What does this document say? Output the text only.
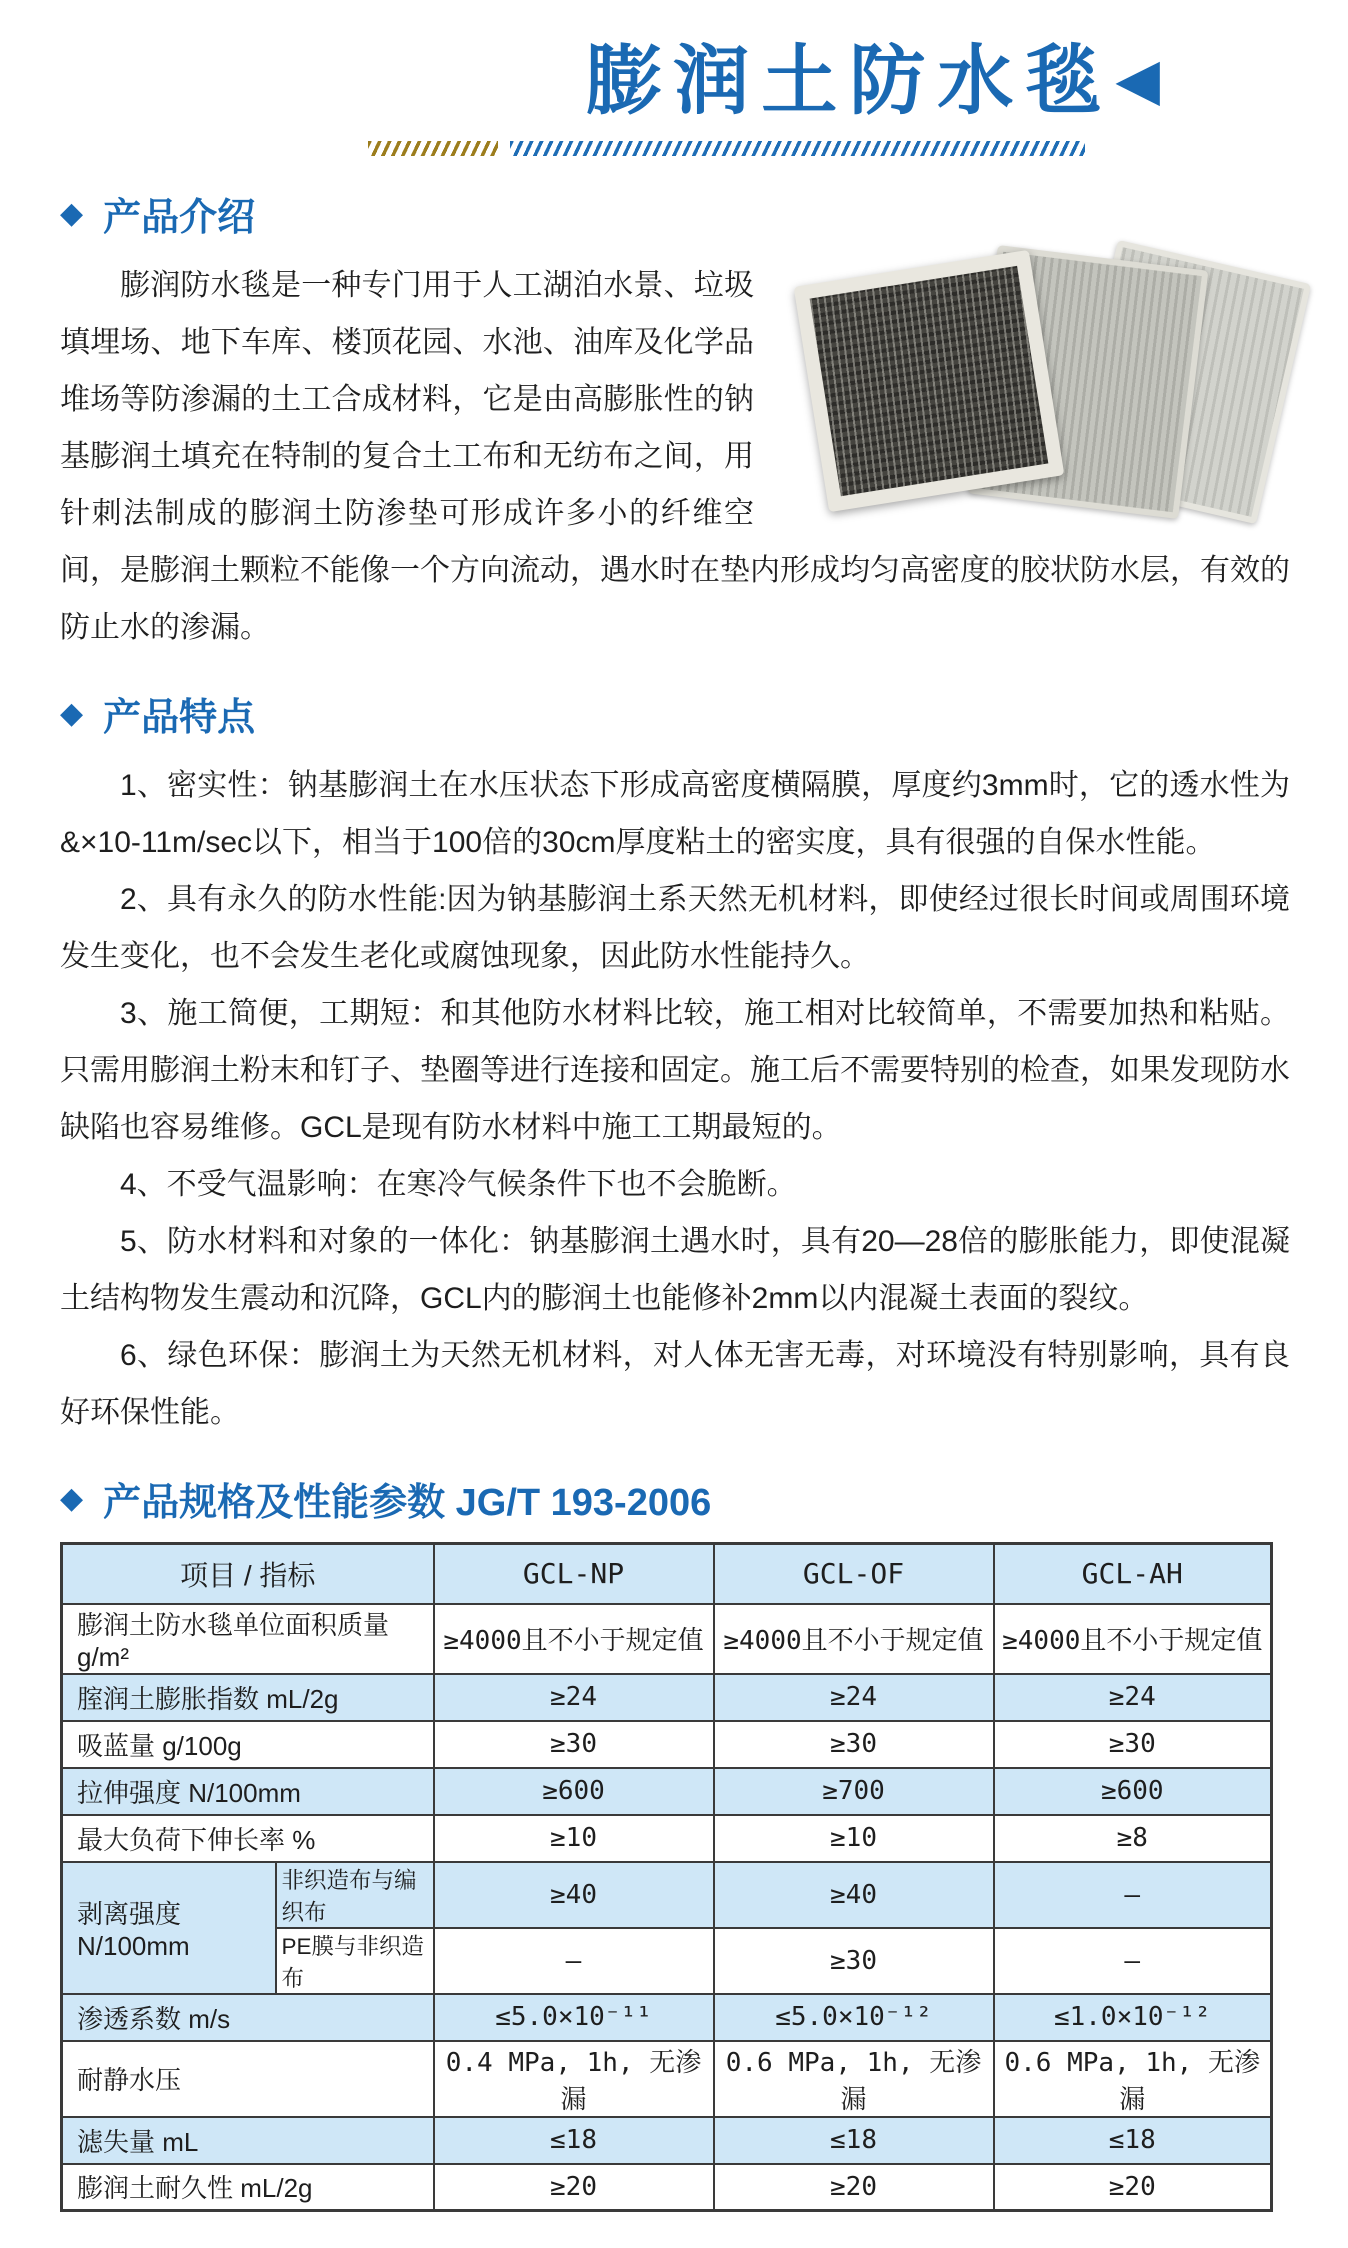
膨润土防水毯◀
◆ 产品介绍

膨润防水毯是一种专门用于人工湖泊水景、垃圾填埋场、地下车库、楼顶花园、水池、油库及化学品堆场等防渗漏的土工合成材料，它是由高膨胀性的钠基膨润土填充在特制的复合土工布和无纺布之间，用针刺法制成的膨润土防渗垫可形成许多小的纤维空间，是膨润土颗粒不能像一个方向流动，遇水时在垫内形成均匀高密度的胶状防水层，有效的防止水的渗漏。

◆ 产品特点

1、密实性：钠基膨润土在水压状态下形成高密度横隔膜，厚度约3mm时，它的透水性为&×10-11m/sec以下，相当于100倍的30cm厚度粘土的密实度，具有很强的自保水性能。

2、具有永久的防水性能:因为钠基膨润土系天然无机材料，即使经过很长时间或周围环境发生变化，也不会发生老化或腐蚀现象，因此防水性能持久。

3、施工简便，工期短：和其他防水材料比较，施工相对比较简单，不需要加热和粘贴。只需用膨润土粉末和钉子、垫圈等进行连接和固定。施工后不需要特别的检查，如果发现防水缺陷也容易维修。GCL是现有防水材料中施工工期最短的。

4、不受气温影响：在寒冷气候条件下也不会脆断。

5、防水材料和对象的一体化：钠基膨润土遇水时，具有20—28倍的膨胀能力，即使混凝土结构物发生震动和沉降，GCL内的膨润土也能修补2mm以内混凝土表面的裂纹。

6、绿色环保：膨润土为天然无机材料，对人体无害无毒，对环境没有特别影响，具有良好环保性能。

◆ 产品规格及性能参数 JG/T 193-2006
项目 / 指标		GCL-NP	GCL-OF	GCL-AH
膨润土防水毯单位面积质量 g/m²		≥4000且不小于规定值	≥4000且不小于规定值	≥4000且不小于规定值
腟润土膨胀指数 mL/2g		≥24	≥24	≥24
吸蓝量 g/100g		≥30	≥30	≥30
拉伸强度 N/100mm		≥600	≥700	≥600
最大负荷下伸长率 %		≥10	≥10	≥8
剥离强度 N/100mm	非织造布与编织布	≥40	≥40	–
	PE膜与非织造布	–	≥30	–
渗透系数 m/s		≤5.0×10⁻¹¹	≤5.0×10⁻¹²	≤1.0×10⁻¹²
耐静水压		0.4 MPa, 1h, 无渗漏	0.6 MPa, 1h, 无渗漏	0.6 MPa, 1h, 无渗漏
滤失量 mL		≤18	≤18	≤18
膨润土耐久性 mL/2g		≥20	≥20	≥20
